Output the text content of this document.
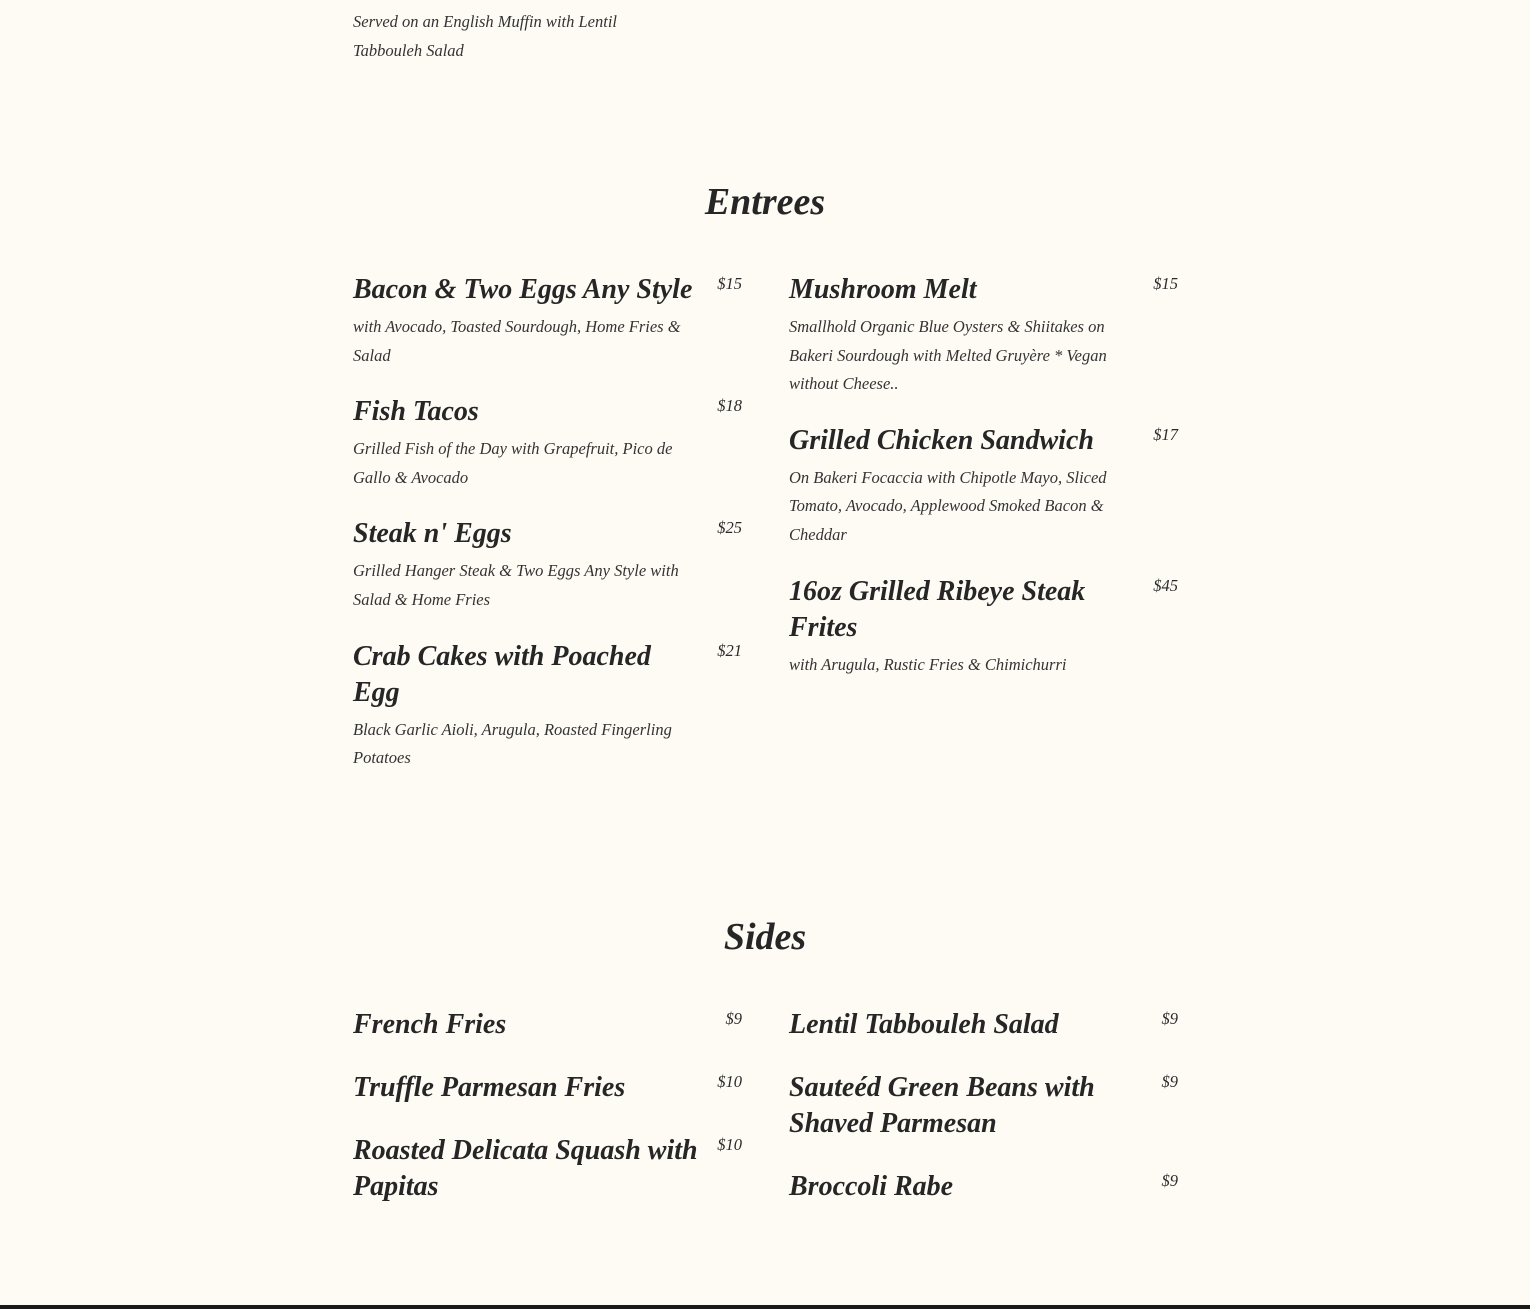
Served on an English Muffin with Lentil Tabbouleh Salad

Entrees
Bacon & Two Eggs Any Style $15

with Avocado, Toasted Sourdough, Home Fries & Salad

Fish Tacos	$18

Grilled Fish of the Day with Grapefruit, Pico de Gallo & Avocado

Steak n' Eggs	$25

Grilled Hanger Steak & Two Eggs Any Style with Salad & Home Fries

Crab Cakes with Poached Egg
$21

Black Garlic Aioli, Arugula, Roasted Fingerling Potatoes

Mushroom Melt	$15

Smallhold Organic Blue Oysters & Shiitakes on Bakeri Sourdough with Melted Gruyère * Vegan without Cheese..

Grilled Chicken Sandwich	$17

On Bakeri Focaccia with Chipotle Mayo, Sliced Tomato, Avocado, Applewood Smoked Bacon & Cheddar

16oz Grilled Ribeye Steak Frites
$45

with Arugula, Rustic Fries & Chimichurri

Sides
French Fries	$9
Truffle Parmesan Fries	$10
Roasted Delicata Squash with Papitas
$10
Lentil Tabbouleh Salad	$9
Sauteéd Green Beans with Shaved Parmesan
$9
Broccoli Rabe	$9
